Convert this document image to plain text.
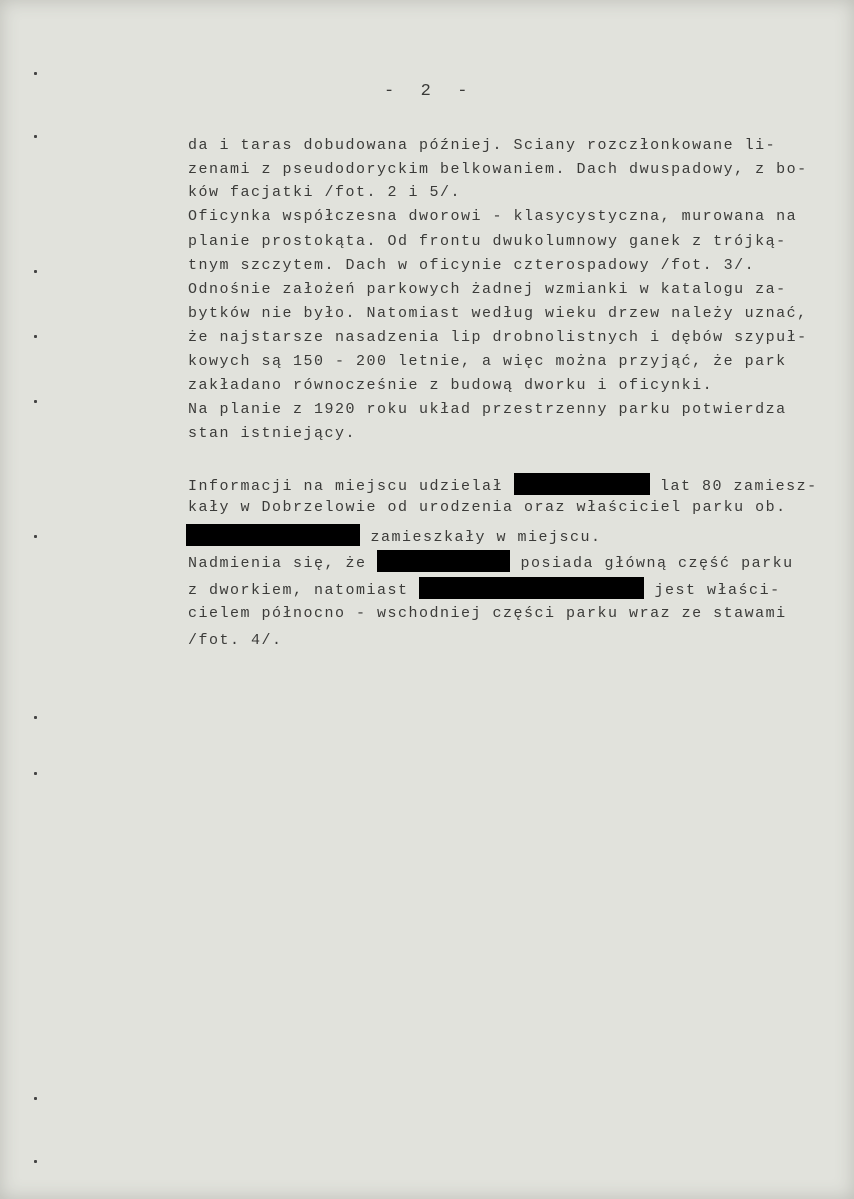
-  2  -
da i taras dobudowana później. Sciany rozczłonkowane li-
zenami z pseudodoryckim belkowaniem. Dach dwuspadowy, z bo-
ków facjatki /fot. 2 i 5/.
Oficynka współczesna dworowi - klasycystyczna, murowana na
planie prostokąta. Od frontu dwukolumnowy ganek z trójką-
tnym szczytem. Dach w oficynie czterospadowy /fot. 3/.
Odnośnie założeń parkowych żadnej wzmianki w katalogu za-
bytków nie było. Natomiast według wieku drzew należy uznać,
że najstarsze nasadzenia lip drobnolistnych i dębów szypuł-
kowych są 150 - 200 letnie, a więc można przyjąć, że park
zakładano równocześnie z budową dworku i oficynki.
Na planie z 1920 roku układ przestrzenny parku potwierdza
stan istniejący.
Informacji na miejscu udzielał	lat 80 zamiesz-
kały w Dobrzelowie od urodzenia oraz właściciel parku ob.
zamieszkały w miejscu.
Nadmienia się, że	posiada główną część parku
z dworkiem, natomiast	jest właści-
cielem północno - wschodniej części parku wraz ze stawami
/fot. 4/.
